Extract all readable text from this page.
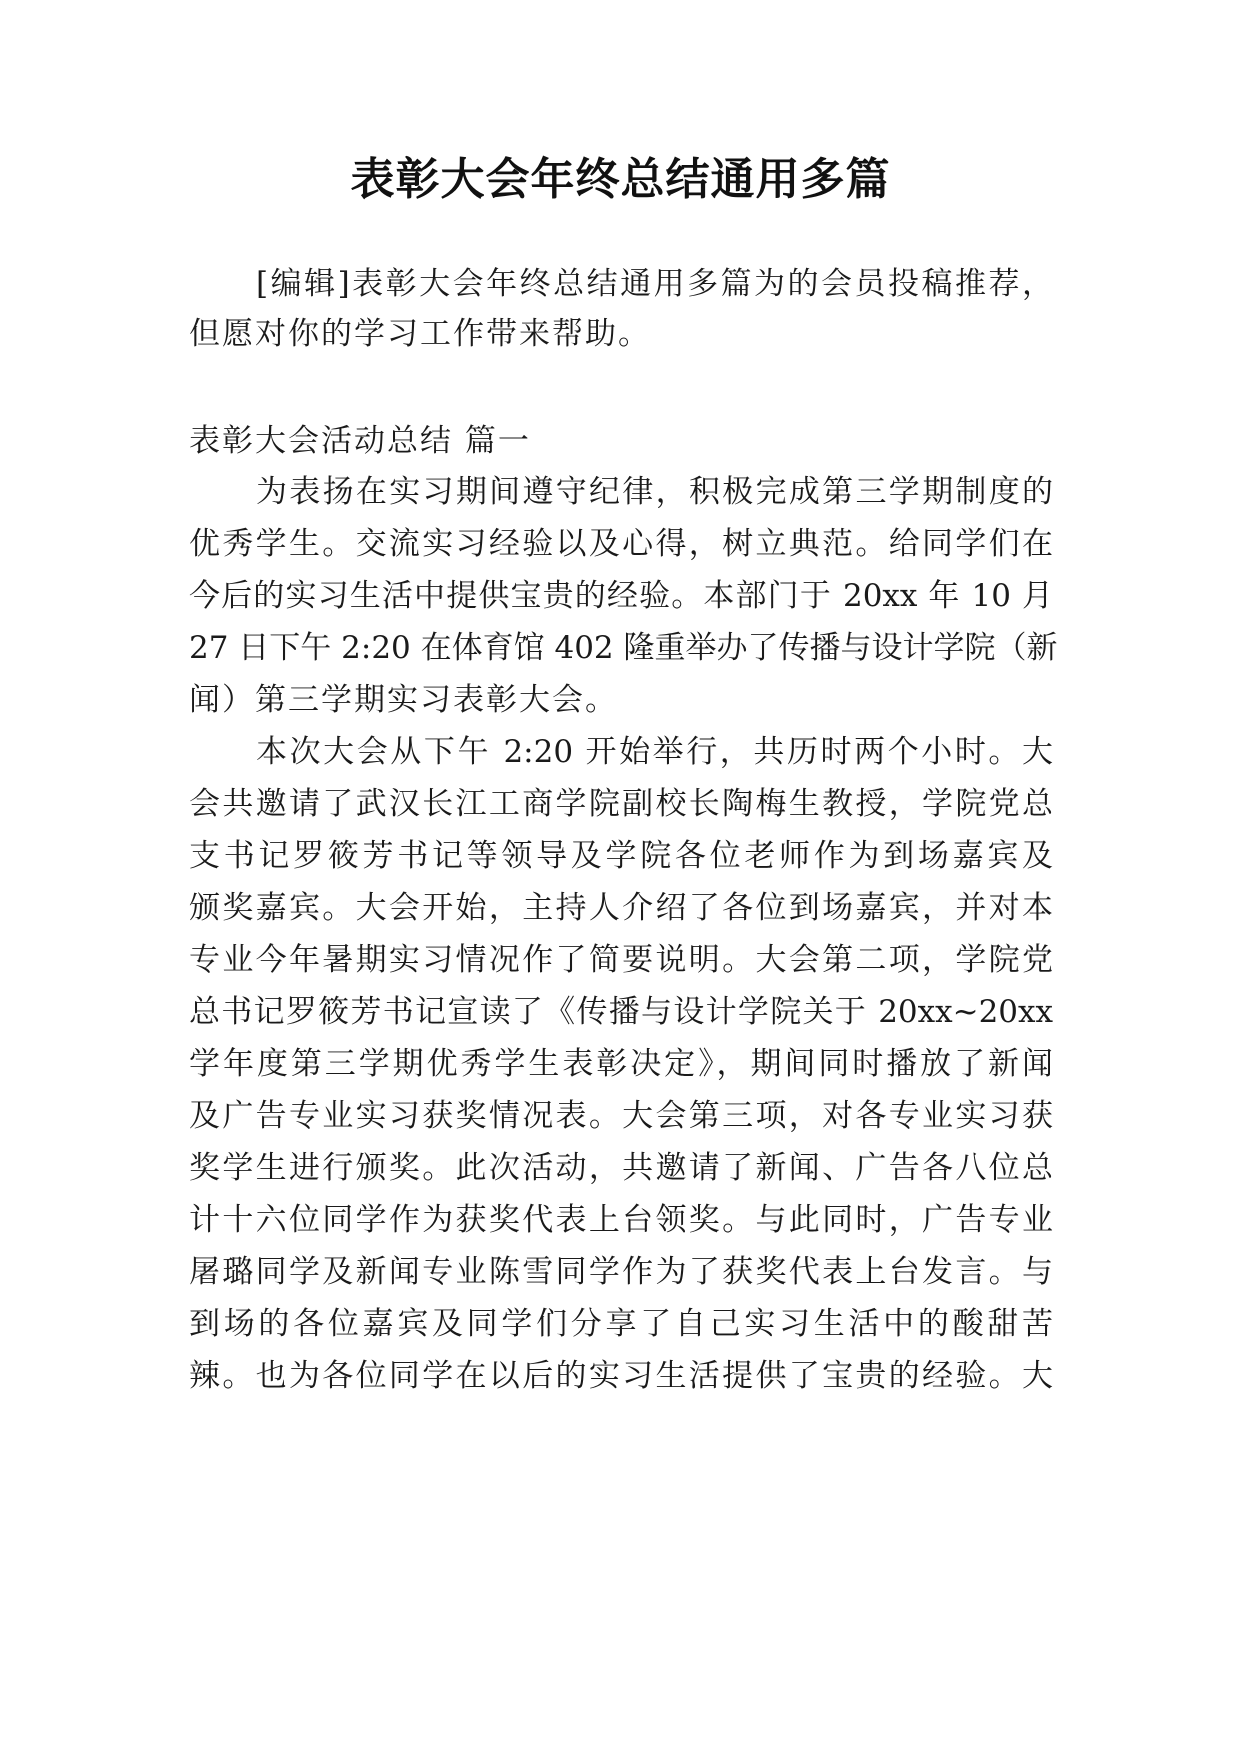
表彰大会年终总结通用多篇
[编辑]表彰大会年终总结通用多篇为的会员投稿推荐，
但愿对你的学习工作带来帮助。
表彰大会活动总结 篇一
为表扬在实习期间遵守纪律，积极完成第三学期制度的
优秀学生。交流实习经验以及心得，树立典范。给同学们在
今后的实习生活中提供宝贵的经验。本部门于 20xx 年 10 月
27 日下午 2:20 在体育馆 402 隆重举办了传播与设计学院（新
闻）第三学期实习表彰大会。
本次大会从下午 2:20 开始举行，共历时两个小时。大
会共邀请了武汉长江工商学院副校长陶梅生教授，学院党总
支书记罗筱芳书记等领导及学院各位老师作为到场嘉宾及
颁奖嘉宾。大会开始，主持人介绍了各位到场嘉宾，并对本
专业今年暑期实习情况作了简要说明。大会第二项，学院党
总书记罗筱芳书记宣读了《传播与设计学院关于 20xx~20xx
学年度第三学期优秀学生表彰决定》，期间同时播放了新闻
及广告专业实习获奖情况表。大会第三项，对各专业实习获
奖学生进行颁奖。此次活动，共邀请了新闻、广告各八位总
计十六位同学作为获奖代表上台领奖。与此同时，广告专业
屠璐同学及新闻专业陈雪同学作为了获奖代表上台发言。与
到场的各位嘉宾及同学们分享了自己实习生活中的酸甜苦
辣。也为各位同学在以后的实习生活提供了宝贵的经验。大
